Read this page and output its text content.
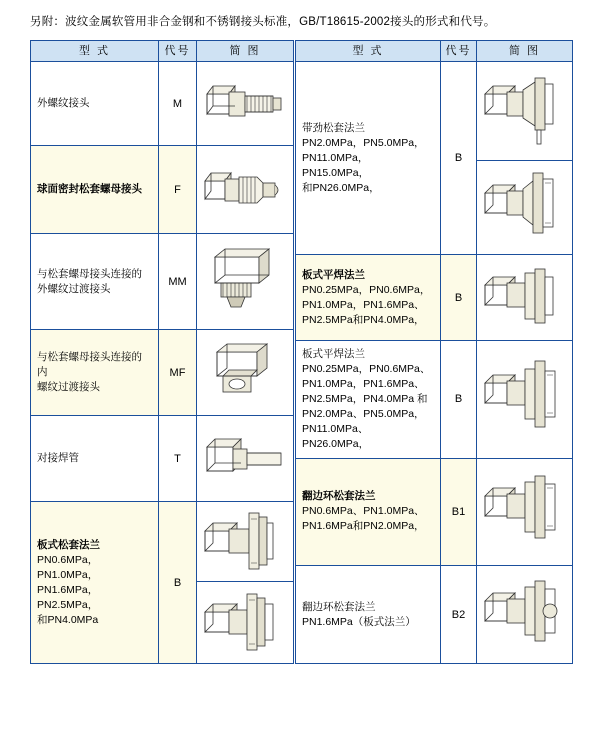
另附：波纹金属软管用非合金钢和不锈钢接头标准，GB/T18615-2002接头的形式和代号。
型 式	代号	简 图
外螺纹接头	M	

球面密封松套螺母接头	F	

与松套螺母接头连接的
外螺纹过渡接头	MM	

与松套螺母接头连接的内
螺纹过渡接头	MF	

对接焊管	T	

板式松套法兰
PN0.6MPa，PN1.0MPa，
PN1.6MPa，PN2.5MPa，
和PN4.0MPa	B	
型 式	代号	简 图

带劲松套法兰
PN2.0MPa，PN5.0MPa，
PN11.0MPa，PN15.0MPa，
和PN26.0MPa，	B	

板式平焊法兰
PN0.25MPa，PN0.6MPa，
PN1.0MPa，PN1.6MPa、
PN2.5MPa和PN4.0MPa，	B	

板式平焊法兰
PN0.25MPa，PN0.6MPa、
PN1.0MPa，PN1.6MPa、
PN2.5MPa，PN4.0MPa 和
PN2.0MPa、PN5.0MPa，
PN11.0MPa、PN26.0MPa，
	B	

翻边环松套法兰
PN0.6MPa、PN1.0MPa、
PN1.6MPa和PN2.0MPa，	B1	

翻边环松套法兰
PN1.6MPa（板式法兰）	B2	
